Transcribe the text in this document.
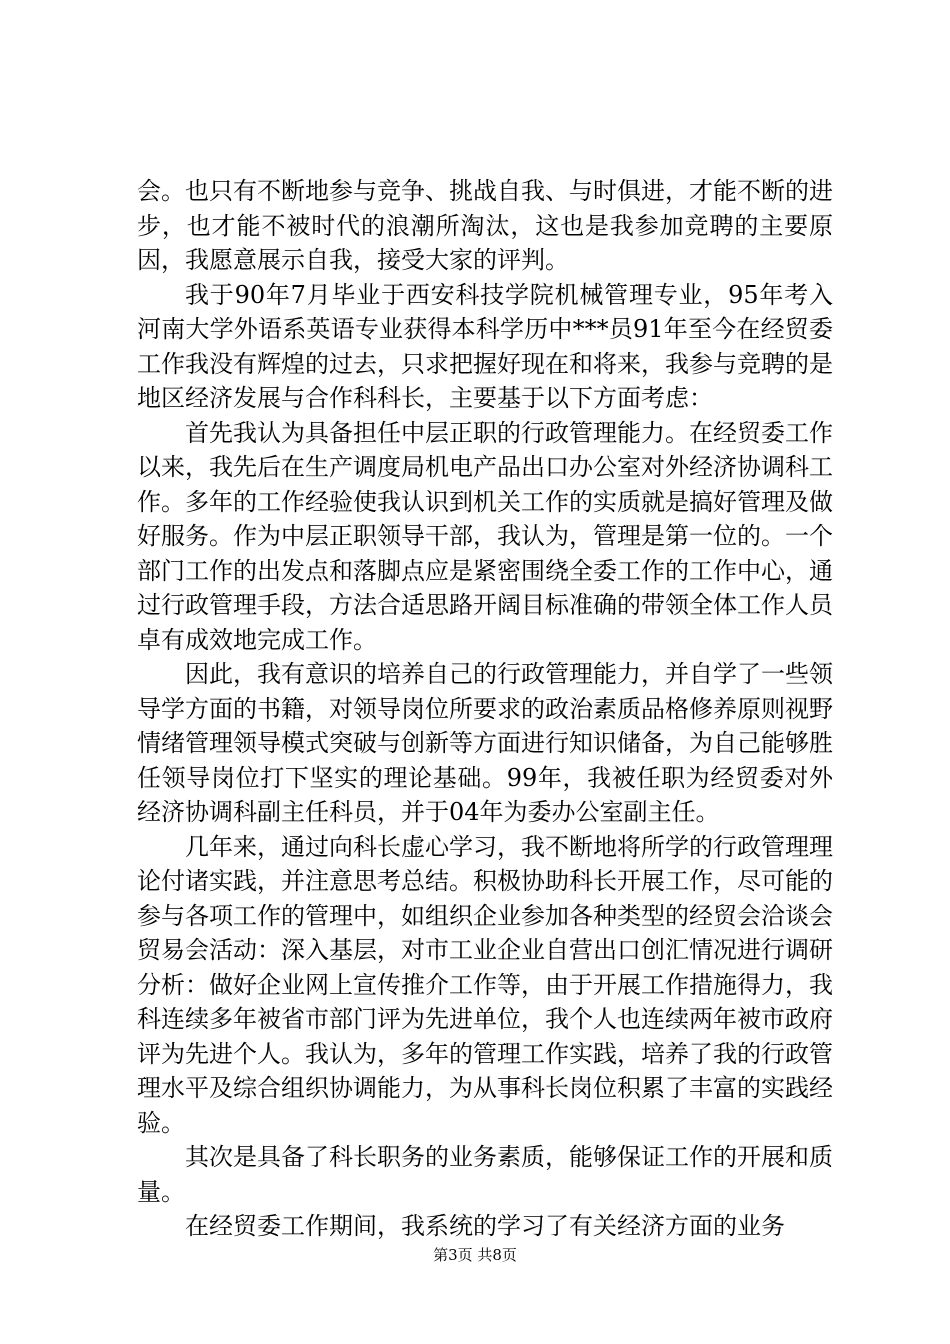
会。也只有不断地参与竞争、挑战自我、与时俱进，才能不断的进步，也才能不被时代的浪潮所淘汰，这也是我参加竞聘的主要原因，我愿意展示自我，接受大家的评判。

我于90年7月毕业于西安科技学院机械管理专业，95年考入河南大学外语系英语专业获得本科学历中***员91年至今在经贸委工作我没有辉煌的过去，只求把握好现在和将来，我参与竞聘的是地区经济发展与合作科科长，主要基于以下方面考虑：

首先我认为具备担任中层正职的行政管理能力。在经贸委工作以来，我先后在生产调度局机电产品出口办公室对外经济协调科工作。多年的工作经验使我认识到机关工作的实质就是搞好管理及做好服务。作为中层正职领导干部，我认为，管理是第一位的。一个部门工作的出发点和落脚点应是紧密围绕全委工作的工作中心，通过行政管理手段，方法合适思路开阔目标准确的带领全体工作人员卓有成效地完成工作。

因此，我有意识的培养自己的行政管理能力，并自学了一些领导学方面的书籍，对领导岗位所要求的政治素质品格修养原则视野情绪管理领导模式突破与创新等方面进行知识储备，为自己能够胜任领导岗位打下坚实的理论基础。99年，我被任职为经贸委对外经济协调科副主任科员，并于04年为委办公室副主任。

几年来，通过向科长虚心学习，我不断地将所学的行政管理理论付诸实践，并注意思考总结。积极协助科长开展工作，尽可能的参与各项工作的管理中，如组织企业参加各种类型的经贸会洽谈会贸易会活动：深入基层，对市工业企业自营出口创汇情况进行调研分析：做好企业网上宣传推介工作等，由于开展工作措施得力，我科连续多年被省市部门评为先进单位，我个人也连续两年被市政府评为先进个人。我认为，多年的管理工作实践，培养了我的行政管理水平及综合组织协调能力，为从事科长岗位积累了丰富的实践经验。

其次是具备了科长职务的业务素质，能够保证工作的开展和质量。

在经贸委工作期间，我系统的学习了有关经济方面的业务

第3页 共8页
